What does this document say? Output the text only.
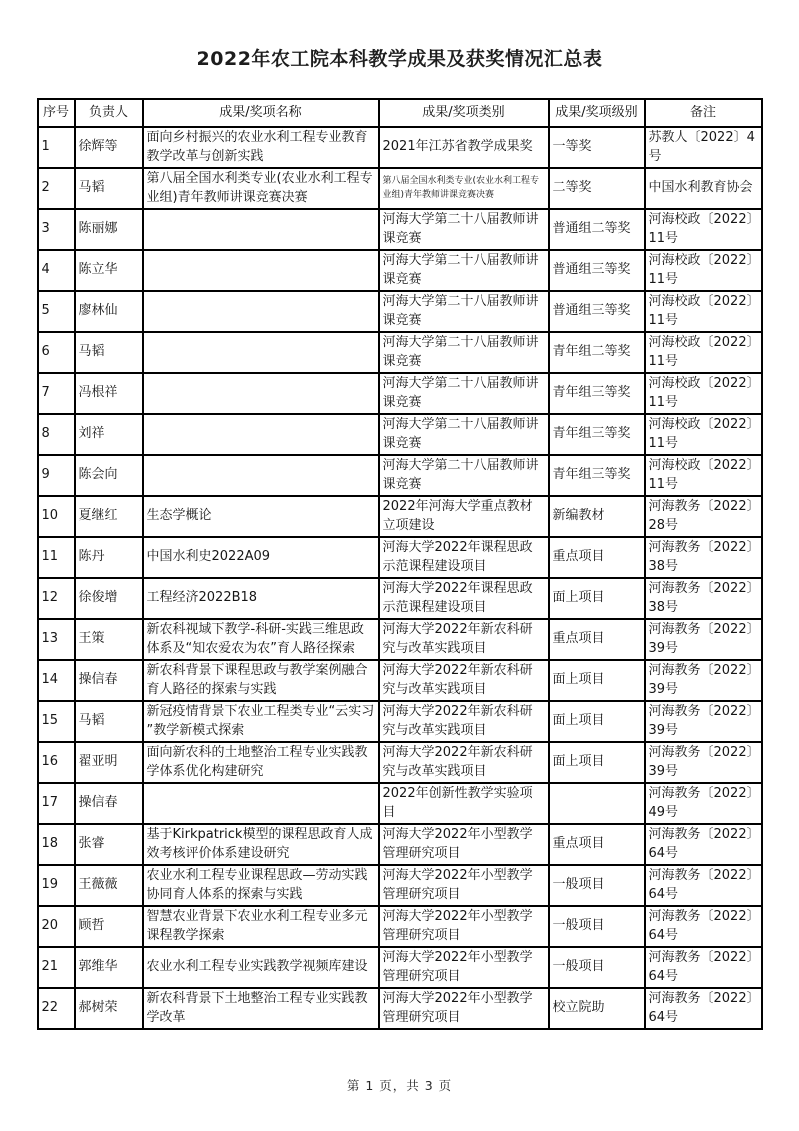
2022年农工院本科教学成果及获奖情况汇总表
序号	负责人	成果/奖项名称	成果/奖项类别	成果/奖项级别	备注
1	徐辉等	面向乡村振兴的农业水利工程专业教育教学改革与创新实践	2021年江苏省教学成果奖	一等奖	苏教人〔2022〕4号
2	马韬	第八届全国水利类专业(农业水利工程专业组)青年教师讲课竞赛决赛	第八届全国水利类专业(农业水利工程专业组)青年教师讲课竞赛决赛	二等奖	中国水利教育协会
3	陈丽娜		河海大学第二十八届教师讲课竞赛	普通组二等奖	河海校政〔2022〕11号
4	陈立华		河海大学第二十八届教师讲课竞赛	普通组三等奖	河海校政〔2022〕11号
5	廖林仙		河海大学第二十八届教师讲课竞赛	普通组三等奖	河海校政〔2022〕11号
6	马韬		河海大学第二十八届教师讲课竞赛	青年组二等奖	河海校政〔2022〕11号
7	冯根祥		河海大学第二十八届教师讲课竞赛	青年组三等奖	河海校政〔2022〕11号
8	刘祥		河海大学第二十八届教师讲课竞赛	青年组三等奖	河海校政〔2022〕11号
9	陈会向		河海大学第二十八届教师讲课竞赛	青年组三等奖	河海校政〔2022〕11号
10	夏继红	生态学概论	2022年河海大学重点教材立项建设	新编教材	河海教务〔2022〕28号
11	陈丹	中国水利史2022A09	河海大学2022年课程思政示范课程建设项目	重点项目	河海教务〔2022〕38号
12	徐俊增	工程经济2022B18	河海大学2022年课程思政示范课程建设项目	面上项目	河海教务〔2022〕38号
13	王策	新农科视域下教学-科研-实践三维思政体系及“知农爱农为农”育人路径探索	河海大学2022年新农科研究与改革实践项目	重点项目	河海教务〔2022〕39号
14	操信春	新农科背景下课程思政与教学案例融合育人路径的探索与实践	河海大学2022年新农科研究与改革实践项目	面上项目	河海教务〔2022〕39号
15	马韬	新冠疫情背景下农业工程类专业“云实习”教学新模式探索	河海大学2022年新农科研究与改革实践项目	面上项目	河海教务〔2022〕39号
16	翟亚明	面向新农科的土地整治工程专业实践教学体系优化构建研究	河海大学2022年新农科研究与改革实践项目	面上项目	河海教务〔2022〕39号
17	操信春		2022年创新性教学实验项目		河海教务〔2022〕49号
18	张睿	基于Kirkpatrick模型的课程思政育人成效考核评价体系建设研究	河海大学2022年小型教学管理研究项目	重点项目	河海教务〔2022〕64号
19	王薇薇	农业水利工程专业课程思政—劳动实践协同育人体系的探索与实践	河海大学2022年小型教学管理研究项目	一般项目	河海教务〔2022〕64号
20	顾哲	智慧农业背景下农业水利工程专业多元课程教学探索	河海大学2022年小型教学管理研究项目	一般项目	河海教务〔2022〕64号
21	郭维华	农业水利工程专业实践教学视频库建设	河海大学2022年小型教学管理研究项目	一般项目	河海教务〔2022〕64号
22	郝树荣	新农科背景下土地整治工程专业实践教学改革	河海大学2022年小型教学管理研究项目	校立院助	河海教务〔2022〕64号
第 1 页，共 3 页
